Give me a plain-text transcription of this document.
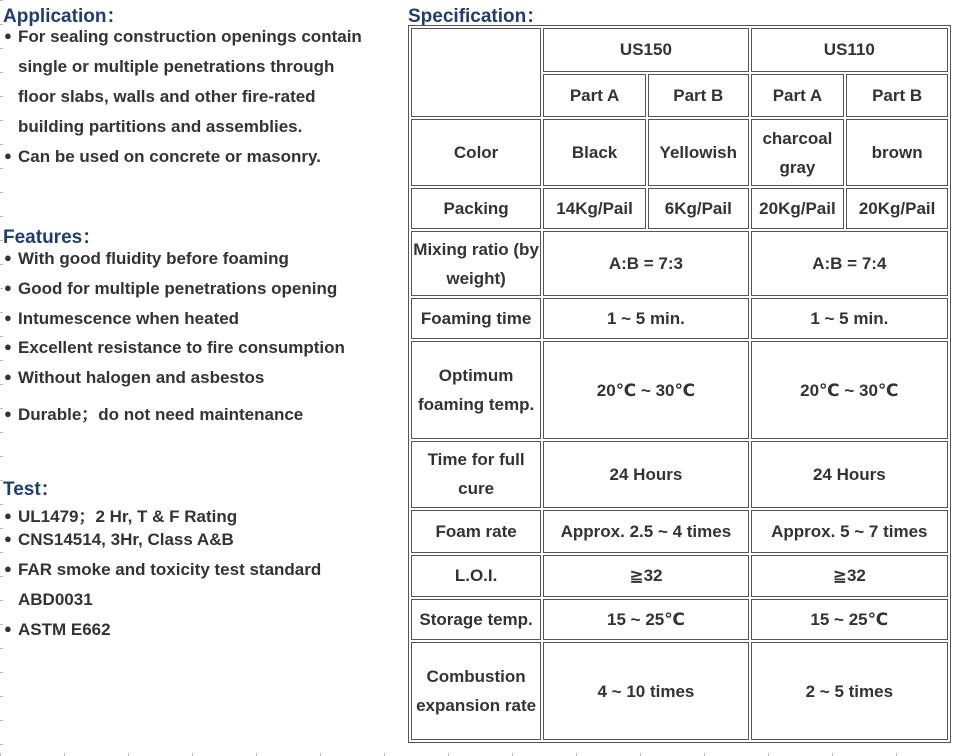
Application：
● For sealing construction openings contain
single or multiple penetrations through
floor slabs, walls and other fire-rated
building partitions and assemblies.
● Can be used on concrete or masonry.
Features：
● With good fluidity before foaming
● Good for multiple penetrations opening
● Intumescence when heated
● Excellent resistance to fire consumption
● Without halogen and asbestos
● Durable；do not need maintenance
Test：
● UL1479；2 Hr, T & F Rating
● CNS14514, 3Hr, Class A&B
● FAR smoke and toxicity test standard
ABD0031
● ASTM E662
Specification：
	US150		US110	
	Part A	Part B	Part A	Part B
Color	Black	Yellowish	charcoal gray	brown
Packing	14Kg/Pail	6Kg/Pail	20Kg/Pail	20Kg/Pail
Mixing ratio (by weight)	A:B = 7:3		A:B = 7:4	
Foaming time	1 ~ 5 min.		1 ~ 5 min.	
Optimum foaming temp.	20℃ ~ 30℃		20℃ ~ 30℃	
Time for full cure	24 Hours		24 Hours	
Foam rate	Approx. 2.5 ~ 4 times		Approx. 5 ~ 7 times	
L.O.I.	≧32		≧32	
Storage temp.	15 ~ 25℃		15 ~ 25℃	
Combustion expansion rate	4 ~ 10 times		2 ~ 5 times	
